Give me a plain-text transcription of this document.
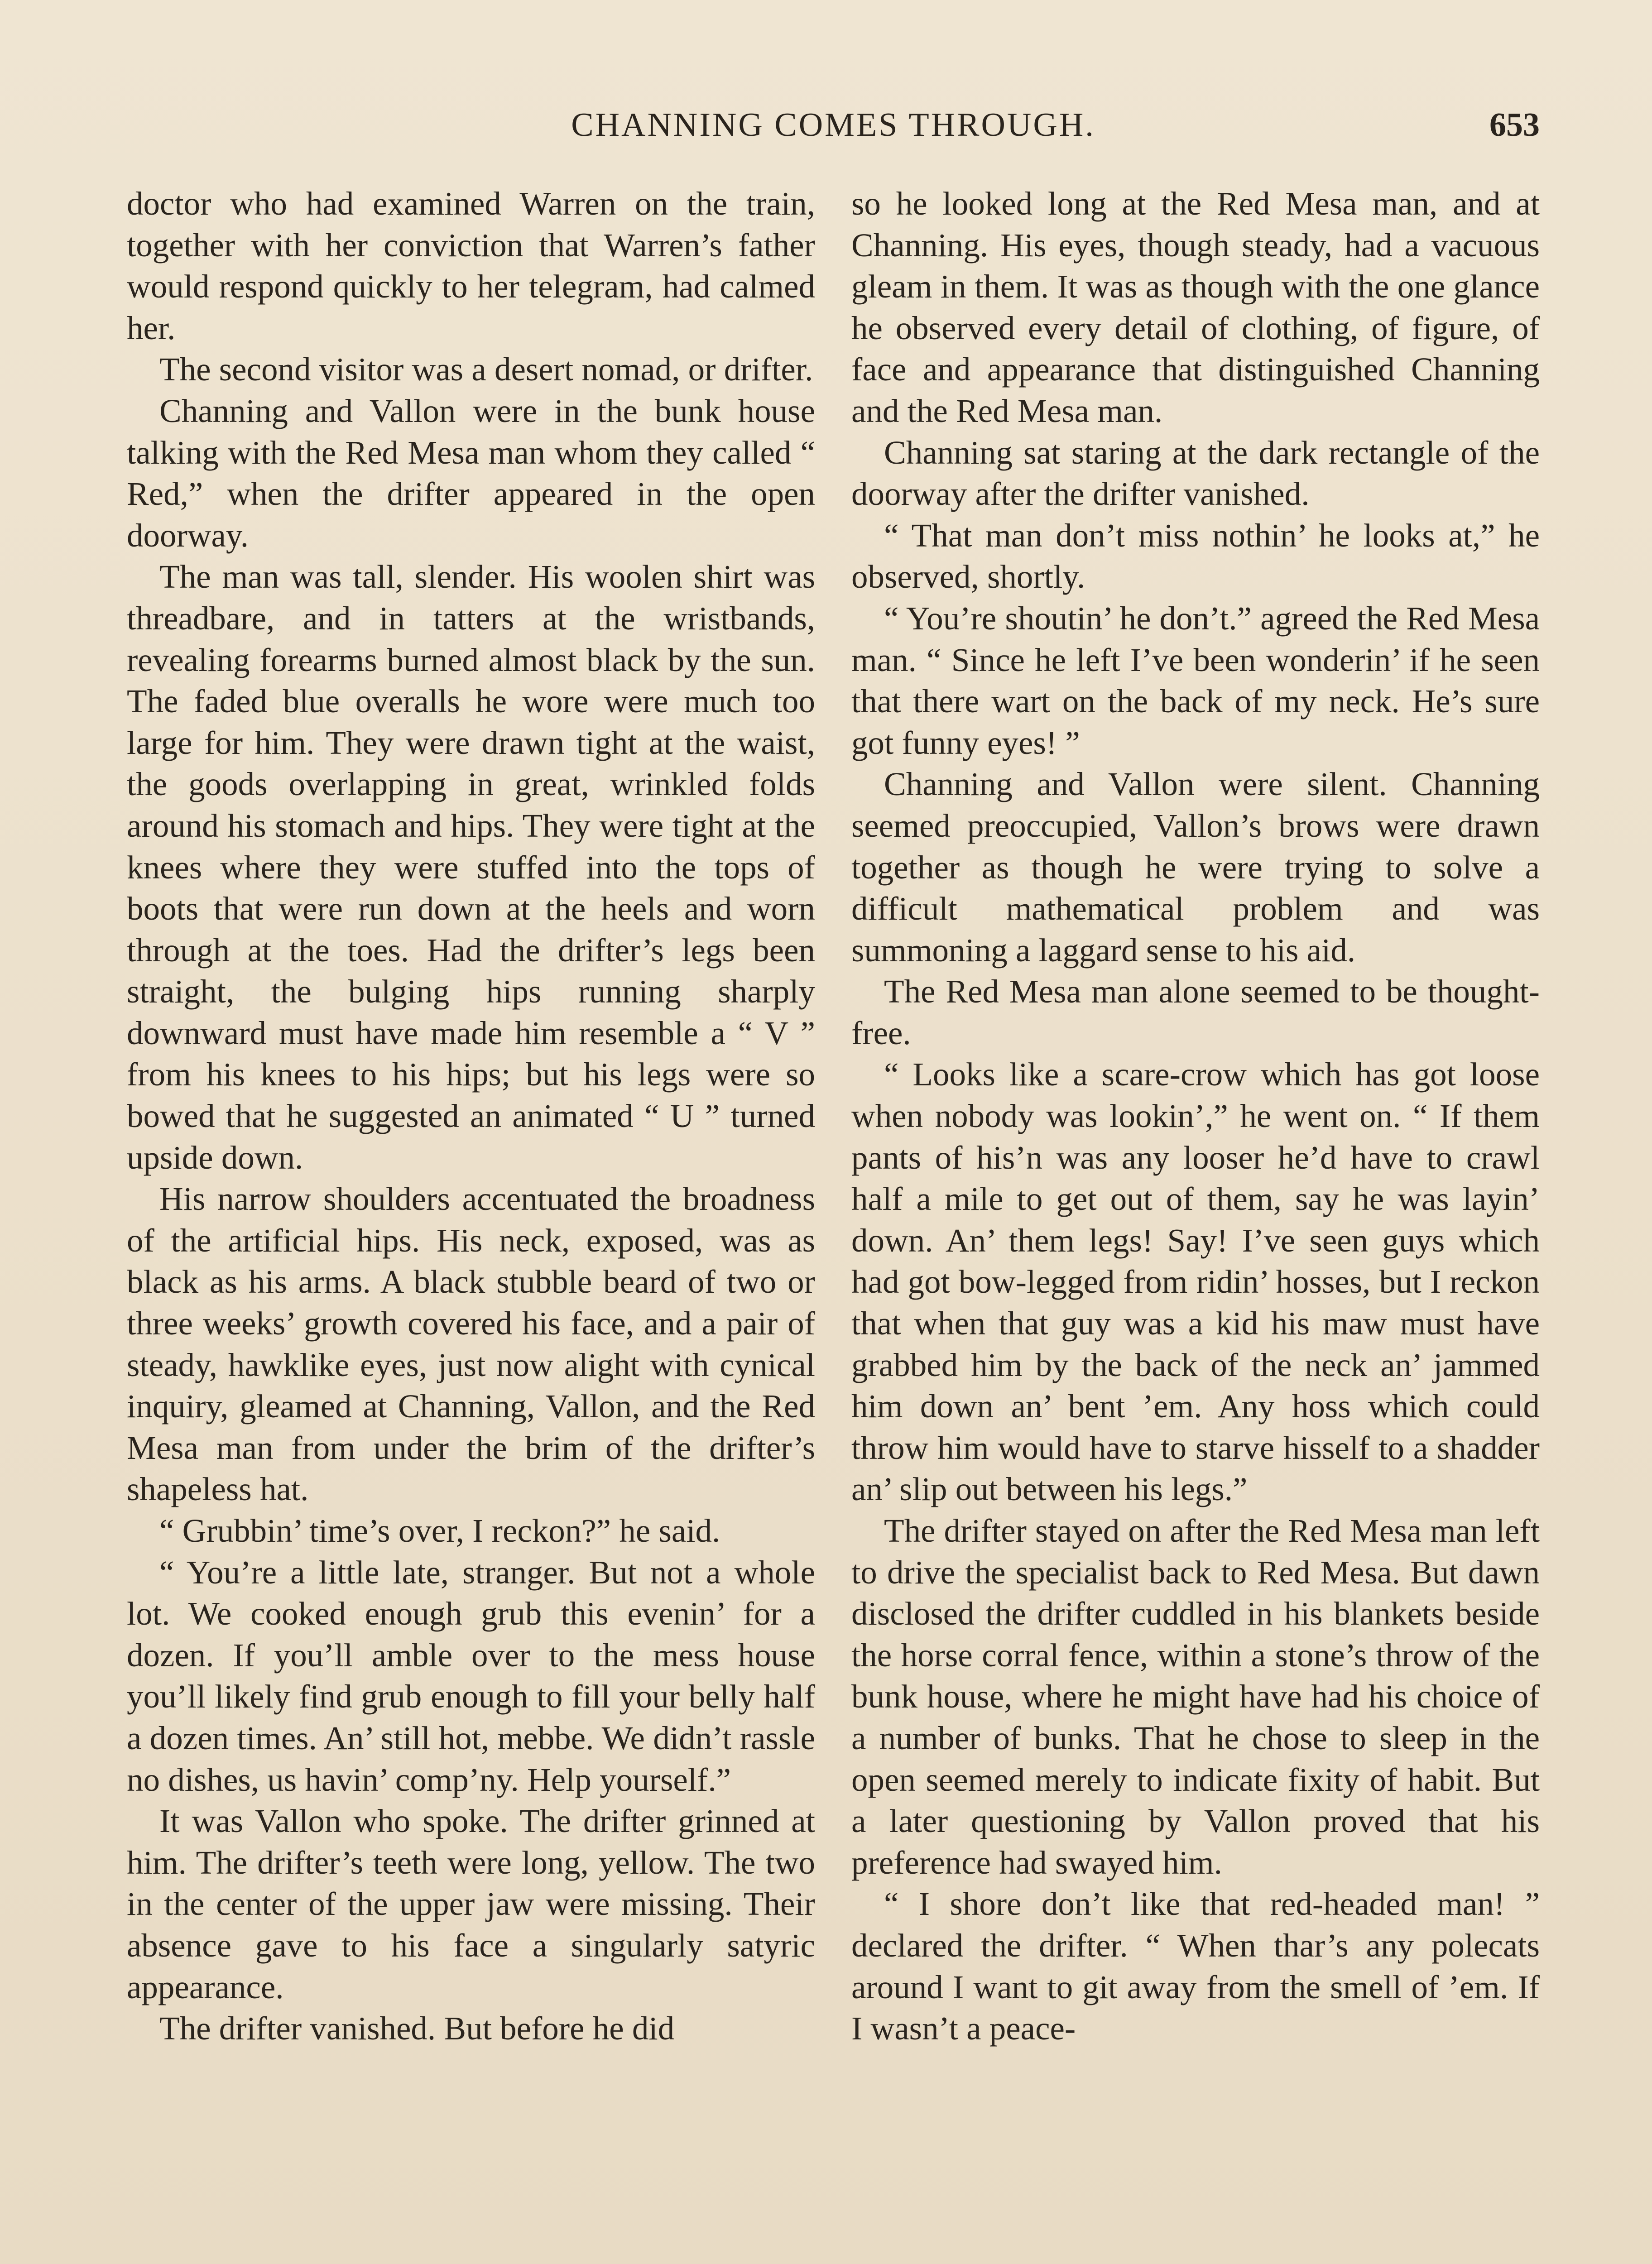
CHANNING COMES THROUGH.	653

doctor who had examined Warren on the train, together with her conviction that Warren’s father would respond quickly to her telegram, had calmed her.

The second visitor was a desert nomad, or drifter.

Channing and Vallon were in the bunk house talking with the Red Mesa man whom they called “ Red,” when the drifter appeared in the open doorway.

The man was tall, slender. His woolen shirt was threadbare, and in tatters at the wristbands, revealing forearms burned almost black by the sun. The faded blue overalls he wore were much too large for him. They were drawn tight at the waist, the goods overlapping in great, wrinkled folds around his stomach and hips. They were tight at the knees where they were stuffed into the tops of boots that were run down at the heels and worn through at the toes. Had the drifter’s legs been straight, the bulging hips running sharply downward must have made him resemble a “ V ” from his knees to his hips; but his legs were so bowed that he suggested an animated “ U ” turned upside down.

His narrow shoulders accentuated the broadness of the artificial hips. His neck, exposed, was as black as his arms. A black stubble beard of two or three weeks’ growth covered his face, and a pair of steady, hawklike eyes, just now alight with cynical inquiry, gleamed at Channing, Vallon, and the Red Mesa man from under the brim of the drifter’s shapeless hat.

“ Grubbin’ time’s over, I reckon?” he said.

“ You’re a little late, stranger. But not a whole lot. We cooked enough grub this evenin’ for a dozen. If you’ll amble over to the mess house you’ll likely find grub enough to fill your belly half a dozen times. An’ still hot, mebbe. We didn’t rassle no dishes, us havin’ comp’ny. Help yourself.”

It was Vallon who spoke. The drifter grinned at him. The drifter’s teeth were long, yellow. The two in the center of the upper jaw were missing. Their absence gave to his face a singularly satyric appearance.

The drifter vanished. But before he did

so he looked long at the Red Mesa man, and at Channing. His eyes, though steady, had a vacuous gleam in them. It was as though with the one glance he observed every detail of clothing, of figure, of face and appearance that distinguished Channing and the Red Mesa man.

Channing sat staring at the dark rectangle of the doorway after the drifter vanished.

“ That man don’t miss nothin’ he looks at,” he observed, shortly.

“ You’re shoutin’ he don’t.” agreed the Red Mesa man. “ Since he left I’ve been wonderin’ if he seen that there wart on the back of my neck. He’s sure got funny eyes! ”

Channing and Vallon were silent. Channing seemed preoccupied, Vallon’s brows were drawn together as though he were trying to solve a difficult mathematical problem and was summoning a laggard sense to his aid.

The Red Mesa man alone seemed to be thought-free.

“ Looks like a scare-crow which has got loose when nobody was lookin’,” he went on. “ If them pants of his’n was any looser he’d have to crawl half a mile to get out of them, say he was layin’ down. An’ them legs! Say! I’ve seen guys which had got bow-legged from ridin’ hosses, but I reckon that when that guy was a kid his maw must have grabbed him by the back of the neck an’ jammed him down an’ bent ’em. Any hoss which could throw him would have to starve hisself to a shadder an’ slip out between his legs.”

The drifter stayed on after the Red Mesa man left to drive the specialist back to Red Mesa. But dawn disclosed the drifter cuddled in his blankets beside the horse corral fence, within a stone’s throw of the bunk house, where he might have had his choice of a number of bunks. That he chose to sleep in the open seemed merely to indicate fixity of habit. But a later questioning by Vallon proved that his preference had swayed him.

“ I shore don’t like that red-headed man! ” declared the drifter. “ When thar’s any polecats around I want to git away from the smell of ’em. If I wasn’t a peace-
